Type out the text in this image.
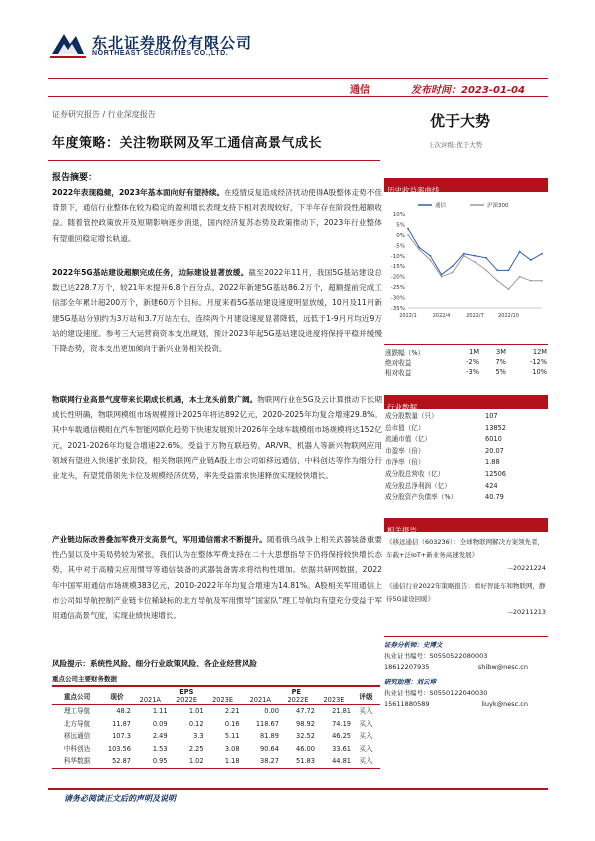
东北证券股份有限公司
NORTHEAST SECURITIES CO.,LTD.
通信	发布时间：2023-01-04
证券研究报告 / 行业深度报告	优于大势
上次评级:优于大势
年度策略：关注物联网及军工通信高景气成长
报告摘要：
2022年表现稳健，2023年基本面向好有望持续。在疫情反复造成经济扰动使得A股整体走势不佳背景下，通信行业整体在较为稳定的盈利增长表现支持下相对表现较好，下半年存在阶段性超额收益。随着管控政策放开及短期影响逐步消退，国内经济复苏态势及政策推动下，2023年行业整体有望重回稳定增长轨道。
2022年5G基站建设超额完成任务，边际建设显著放缓。截至2022年11月，我国5G基站建设总数已达228.7万个，较21年末提升6.8个百分点。2022年新建5G基站86.2万个，超额提前完成工信部全年累计超200万个，新建60万个目标。月度来看5G基站建设速度明显放缓，10月及11月新建5G基站分别约为3万站和3.7万站左右，连续两个月建设速度显著降低，远低于1-9月月均近9万站的建设速度。参考三大运营商资本支出规划，预计2023年起5G基站建设进度将保持平稳并缓慢下降态势，资本支出更加倾向于新兴业务相关投资。
物联网行业高景气度带来长期成长机遇，本土龙头前景广阔。物联网行业在5G及云计算推动下长期成长性明确，物联网模组市场规模预计2025年将达892亿元，2020-2025年均复合增速29.8%。其中车载通信模组在汽车智能网联化趋势下快速发展预计2026年全球车载模组市场规模将达152亿元，2021-2026年均复合增速22.6%。受益于万物互联趋势，AR/VR、机器人等新兴物联网应用领域有望进入快速扩张阶段，相关物联网产业链A股上市公司如移远通信、中科创达等作为细分行业龙头，有望凭借领先卡位及规模经济优势，率先受益需求快速释放实现较快增长。
产业链边际改善叠加军费开支高景气，军用通信需求不断提升。随着俄乌战争上相关武器装备重要性凸显以及中美局势较为紧张，我们认为在整体军费支持在二十大思想指导下仍将保持较快增长态势，其中对于高精尖应用惯导等通信装备的武器装备需求将结构性增加。依据共研网数据，2022年中国军用通信市场规模383亿元，2010-2022年年均复合增速为14.81%。A股相关军用通信上市公司如导航控制产业链卡位稀缺标的北方导航及军用惯导“国家队”理工导航均有望充分受益于军用通信高景气度，实现业绩快速增长。
风险提示：系统性风险、细分行业政策风险、各企业经营风险
重点公司主要财务数据
重点公司	现价	EPS			PE			评级
		2021A	2022E	2023E	2021A	2022E	2023E	
理工导航	48.2	1.11	1.01	2.21	0.00	47.72	21.81	买入
北方导航	11.87	0.09	0.12	0.16	118.67	98.92	74.19	买入
移远通信	107.3	2.49	3.3	5.11	81.89	32.52	46.25	买入
中科创达	103.56	1.53	2.25	3.08	90.64	46.00	33.61	买入
科华数据	52.87	0.95	1.02	1.18	38.27	51.83	44.81	买入
历史收益率曲线
10%
5%
0%
-5%
-10%
-15%
-20%
-25%
-30%
-35%
2022/1	2022/4	2022/7	2022/10
通信	沪深300
涨跌幅（%）	1M	3M	12M
绝对收益	-2%	7%	-12%
相对收益	-3%	5%	10%
行业数据
成分股数量（只）	107
总市值（亿）	13852
流通市值（亿）	6010
市盈率（倍）	20.07
市净率（倍）	1.88
成分股总营收（亿）	12506
成分股总净利润（亿）	424
成分股资产负债率（%）	40.79
相关报告
《移远通信（603236）：全球物联网解决方案领先者，车载+泛IoT+新业务高速发展》
--20221224
《通信行业2022年策略报告：看好智能车和物联网，静待5G建设回暖》
--20211213
证券分析师：史博文
执业证书编号：S0550522080003
18612207935	shibw@nesc.cn
研究助理：刘云坤
执业证书编号：S0550122040030
15611880589	liuyk@nesc.cn
请务必阅读正文后的声明及说明
